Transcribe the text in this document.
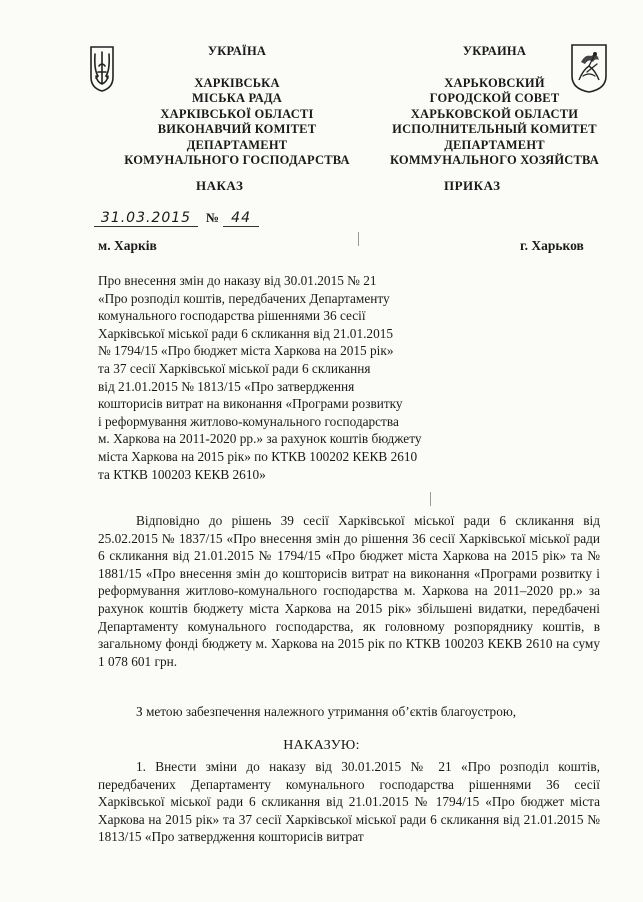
УКРАЇНА
ХАРКІВСЬКА
МІСЬКА РАДА
ХАРКІВСЬКОЇ ОБЛАСТІ
ВИКОНАВЧИЙ КОМІТЕТ
ДЕПАРТАМЕНТ
КОМУНАЛЬНОГО ГОСПОДАРСТВА
УКРАИНА
ХАРЬКОВСКИЙ
ГОРОДСКОЙ СОВЕТ
ХАРЬКОВСКОЙ ОБЛАСТИ
ИСПОЛНИТЕЛЬНЫЙ КОМИТЕТ
ДЕПАРТАМЕНТ
КОММУНАЛЬНОГО ХОЗЯЙСТВА
НАКАЗ	ПРИКАЗ
31.03.2015 № 44
м. Харків	г. Харьков
Про внесення змін до наказу від 30.01.2015 № 21
«Про розподіл коштів, передбачених Департаменту
комунального господарства рішеннями 36 сесії
Харківської міської ради 6 скликання від 21.01.2015
№ 1794/15 «Про бюджет міста Харкова на 2015 рік»
та 37 сесії Харківської міської ради 6 скликання
від 21.01.2015 № 1813/15 «Про затвердження
кошторисів витрат на виконання «Програми розвитку
і реформування житлово-комунального господарства
м. Харкова на 2011-2020 рр.» за рахунок коштів бюджету
міста Харкова на 2015 рік» по КТКВ 100202 КЕКВ 2610
та КТКВ 100203 КЕКВ 2610»
Відповідно до рішень 39 сесії Харківської міської ради 6 скликання від 25.02.2015 № 1837/15 «Про внесення змін до рішення 36 сесії Харківської міської ради 6 скликання від 21.01.2015 № 1794/15 «Про бюджет міста Харкова на 2015 рік» та № 1881/15 «Про внесення змін до кошторисів витрат на виконання «Програми розвитку і реформування житлово-комунального господарства м. Харкова на 2011–2020 рр.» за рахунок коштів бюджету міста Харкова на 2015 рік» збільшені видатки, передбачені Департаменту комунального господарства, як головному розпоряднику коштів, в загальному фонді бюджету м. Харкова на 2015 рік по КТКВ 100203 КЕКВ 2610 на суму 1 078 601 грн.
З метою забезпечення належного утримання об’єктів благоустрою,
НАКАЗУЮ:
1. Внести зміни до наказу від 30.01.2015 № 21 «Про розподіл коштів, передбачених Департаменту комунального господарства рішеннями 36 сесії Харківської міської ради 6 скликання від 21.01.2015 № 1794/15 «Про бюджет міста Харкова на 2015 рік» та 37 сесії Харківської міської ради 6 скликання від 21.01.2015 № 1813/15 «Про затвердження кошторисів витрат
